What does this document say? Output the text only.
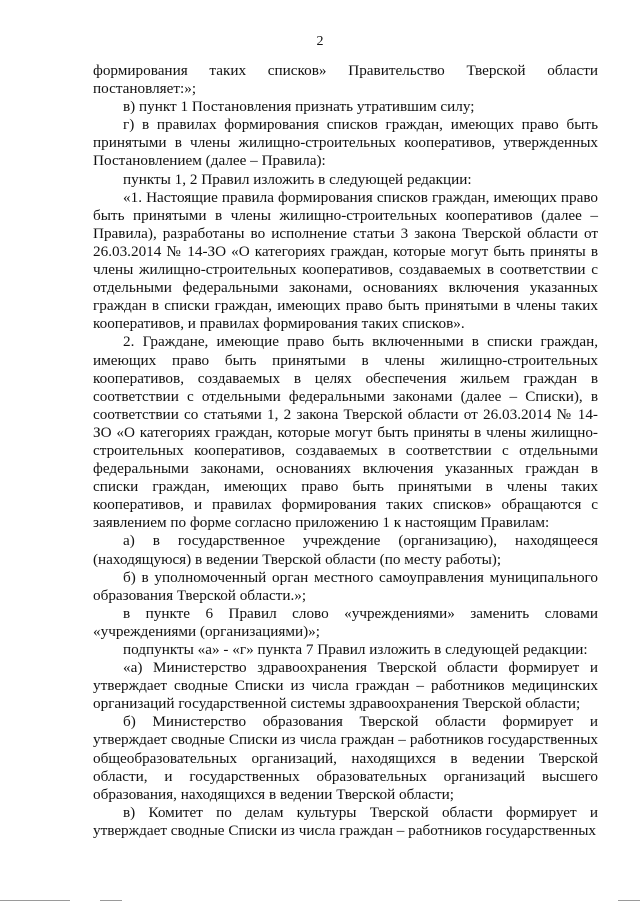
2

формирования таких списков» Правительство Тверской области постановляет:»;

в) пункт 1 Постановления признать утратившим силу;

г) в правилах формирования списков граждан, имеющих право быть принятыми в члены жилищно-строительных кооперативов, утвержденных Постановлением (далее – Правила):

пункты 1, 2 Правил изложить в следующей редакции:

«1. Настоящие правила формирования списков граждан, имеющих право быть принятыми в члены жилищно-строительных кооперативов (далее – Правила), разработаны во исполнение статьи 3 закона Тверской области от 26.03.2014 № 14-ЗО «О категориях граждан, которые могут быть приняты в члены жилищно-строительных кооперативов, создаваемых в соответствии с отдельными федеральными законами, основаниях включения указанных граждан в списки граждан, имеющих право быть принятыми в члены таких кооперативов, и правилах формирования таких списков».

2. Граждане, имеющие право быть включенными в списки граждан, имеющих право быть принятыми в члены жилищно-строительных кооперативов, создаваемых в целях обеспечения жильем граждан в соответствии с отдельными федеральными законами (далее – Списки), в соответствии со статьями 1, 2 закона Тверской области от 26.03.2014 № 14-ЗО «О категориях граждан, которые могут быть приняты в члены жилищно-строительных кооперативов, создаваемых в соответствии с отдельными федеральными законами, основаниях включения указанных граждан в списки граждан, имеющих право быть принятыми в члены таких кооперативов, и правилах формирования таких списков» обращаются с заявлением по форме согласно приложению 1 к настоящим Правилам:

а) в государственное учреждение (организацию), находящееся (находящуюся) в ведении Тверской области (по месту работы);

б) в уполномоченный орган местного самоуправления муниципального образования Тверской области.»;

в пункте 6 Правил слово «учреждениями» заменить словами «учреждениями (организациями)»;

подпункты «а» - «г» пункта 7 Правил изложить в следующей редакции:

«а) Министерство здравоохранения Тверской области формирует и утверждает сводные Списки из числа граждан – работников медицинских организаций государственной системы здравоохранения Тверской области;

б) Министерство образования Тверской области формирует и утверждает сводные Списки из числа граждан – работников государственных общеобразовательных организаций, находящихся в ведении Тверской области, и государственных образовательных организаций высшего образования, находящихся в ведении Тверской области;

в) Комитет по делам культуры Тверской области формирует и утверждает сводные Списки из числа граждан – работников государственных
